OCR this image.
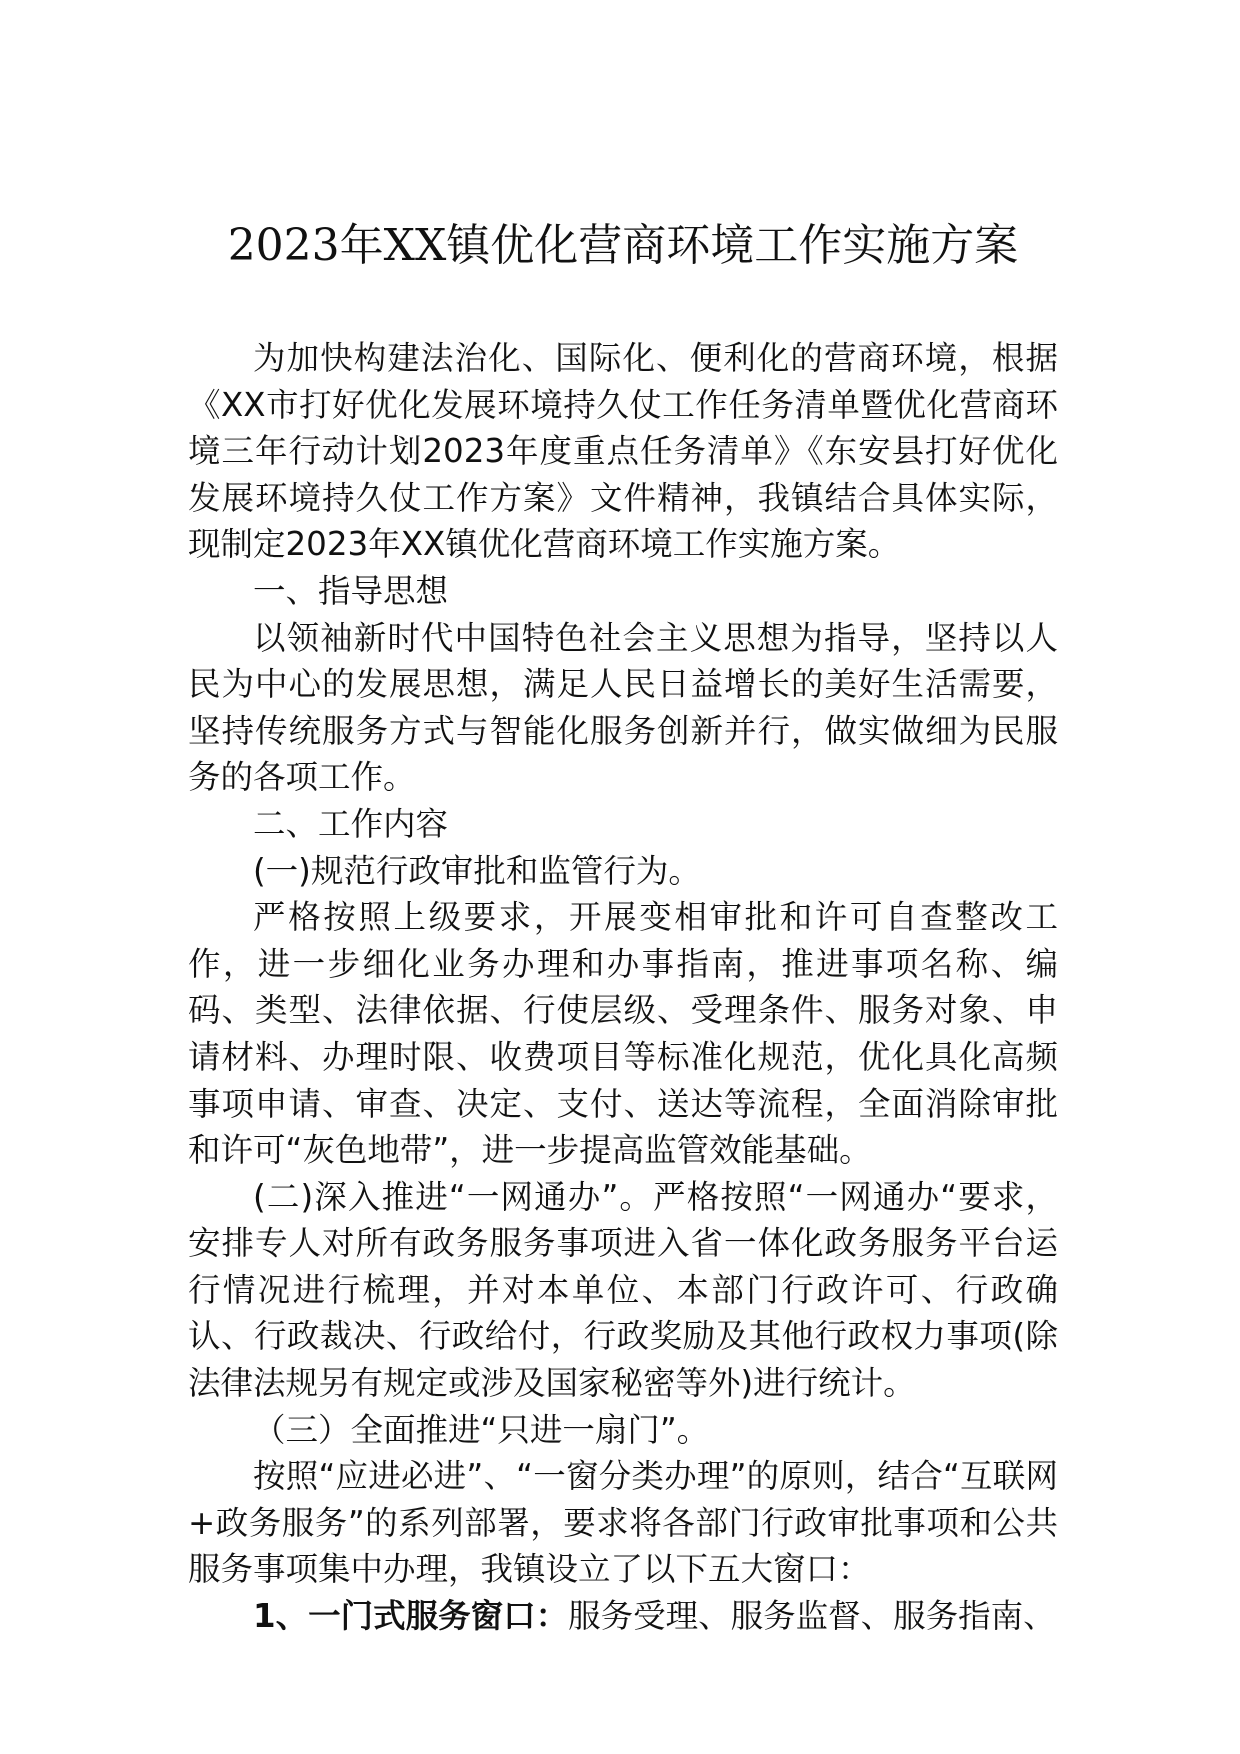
2023年XX镇优化营商环境工作实施方案

为加快构建法治化、国际化、便利化的营商环境，根据《XX市打好优化发展环境持久仗工作任务清单暨优化营商环境三年行动计划2023年度重点任务清单》《东安县打好优化发展环境持久仗工作方案》文件精神，我镇结合具体实际，现制定2023年XX镇优化营商环境工作实施方案。

一、指导思想

以领袖新时代中国特色社会主义思想为指导，坚持以人民为中心的发展思想，满足人民日益增长的美好生活需要，坚持传统服务方式与智能化服务创新并行，做实做细为民服务的各项工作。

二、工作内容

(一)规范行政审批和监管行为。

严格按照上级要求，开展变相审批和许可自查整改工作，进一步细化业务办理和办事指南，推进事项名称、编码、类型、法律依据、行使层级、受理条件、服务对象、申请材料、办理时限、收费项目等标准化规范，优化具化高频事项申请、审查、决定、支付、送达等流程，全面消除审批和许可“灰色地带”，进一步提高监管效能基础。

(二)深入推进“一网通办”。严格按照“一网通办“要求，安排专人对所有政务服务事项进入省一体化政务服务平台运行情况进行梳理，并对本单位、本部门行政许可、行政确认、行政裁决、行政给付，行政奖励及其他行政权力事项(除法律法规另有规定或涉及国家秘密等外)进行统计。

（三）全面推进“只进一扇门”。

按照“应进必进”、“一窗分类办理”的原则，结合“互联网+政务服务”的系列部署，要求将各部门行政审批事项和公共服务事项集中办理，我镇设立了以下五大窗口：

1、一门式服务窗口：服务受理、服务监督、服务指南、
